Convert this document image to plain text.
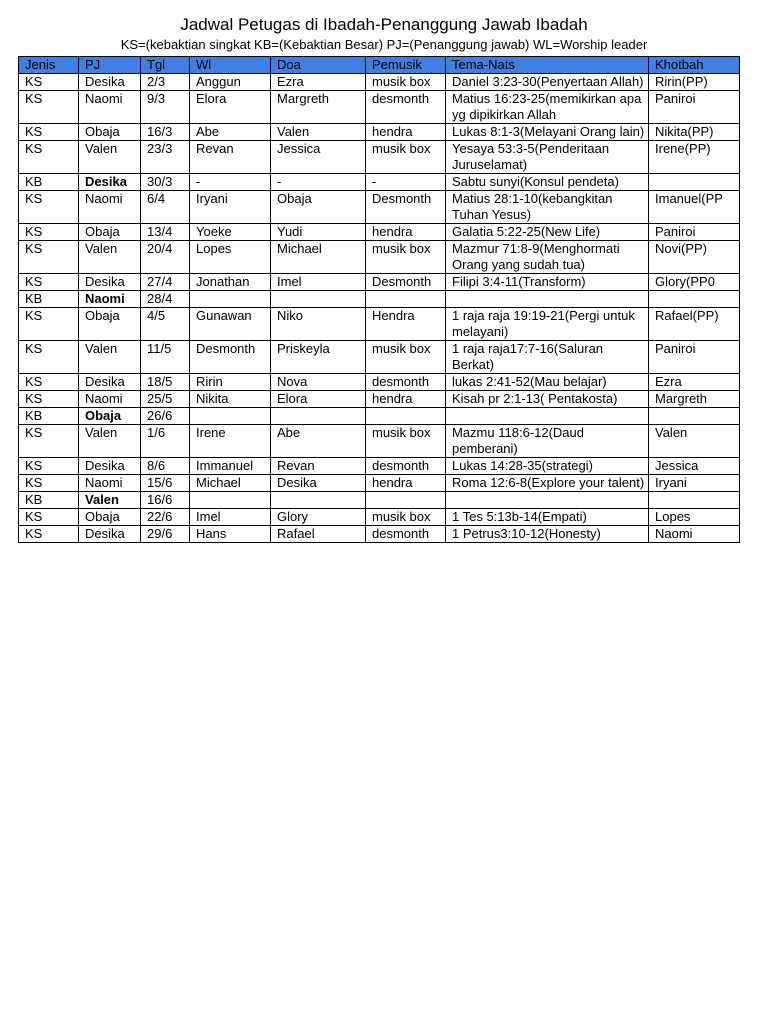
Jadwal Petugas di Ibadah-Penanggung Jawab Ibadah
KS=(kebaktian singkat KB=(Kebaktian Besar) PJ=(Penanggung jawab) WL=Worship leader
Jenis	PJ	Tgl	Wl	Doa	Pemusik	Tema-Nats	Khotbah
KS	Desika	2/3	Anggun	Ezra	musik box	Daniel 3:23-30(Penyertaan Allah)	Ririn(PP)
KS	Naomi	9/3	Elora	Margreth	desmonth	Matius 16:23-25(memikirkan apa yg dipikirkan Allah	Paniroi
KS	Obaja	16/3	Abe	Valen	hendra	Lukas 8:1-3(Melayani Orang lain)	Nikita(PP)
KS	Valen	23/3	Revan	Jessica	musik box	Yesaya 53:3-5(Penderitaan Juruselamat)	Irene(PP)
KB	Desika	30/3	-	-	-	Sabtu sunyi(Konsul pendeta)	
KS	Naomi	6/4	Iryani	Obaja	Desmonth	Matius 28:1-10(kebangkitan Tuhan Yesus)	Imanuel(PP
KS	Obaja	13/4	Yoeke	Yudi	hendra	Galatia 5:22-25(New Life)	Paniroi
KS	Valen	20/4	Lopes	Michael	musik box	Mazmur 71:8-9(Menghormati Orang yang sudah tua)	Novi(PP)
KS	Desika	27/4	Jonathan	Imel	Desmonth	Filipi 3:4-11(Transform)	Glory(PP0
KB	Naomi	28/4					
KS	Obaja	4/5	Gunawan	Niko	Hendra	1 raja raja 19:19-21(Pergi untuk melayani)	Rafael(PP)
KS	Valen	11/5	Desmonth	Priskeyla	musik box	1 raja raja17:7-16(Saluran Berkat)	Paniroi
KS	Desika	18/5	Ririn	Nova	desmonth	lukas 2:41-52(Mau belajar)	Ezra
KS	Naomi	25/5	Nikita	Elora	hendra	Kisah pr 2:1-13( Pentakosta)	Margreth
KB	Obaja	26/6					
KS	Valen	1/6	Irene	Abe	musik box	Mazmu 118:6-12(Daud pemberani)	Valen
KS	Desika	8/6	Immanuel	Revan	desmonth	Lukas 14:28-35(strategi)	Jessica
KS	Naomi	15/6	Michael	Desika	hendra	Roma 12:6-8(Explore your talent)	Iryani
KB	Valen	16/6					
KS	Obaja	22/6	Imel	Glory	musik box	1 Tes 5:13b-14(Empati)	Lopes
KS	Desika	29/6	Hans	Rafael	desmonth	1 Petrus3:10-12(Honesty)	Naomi
